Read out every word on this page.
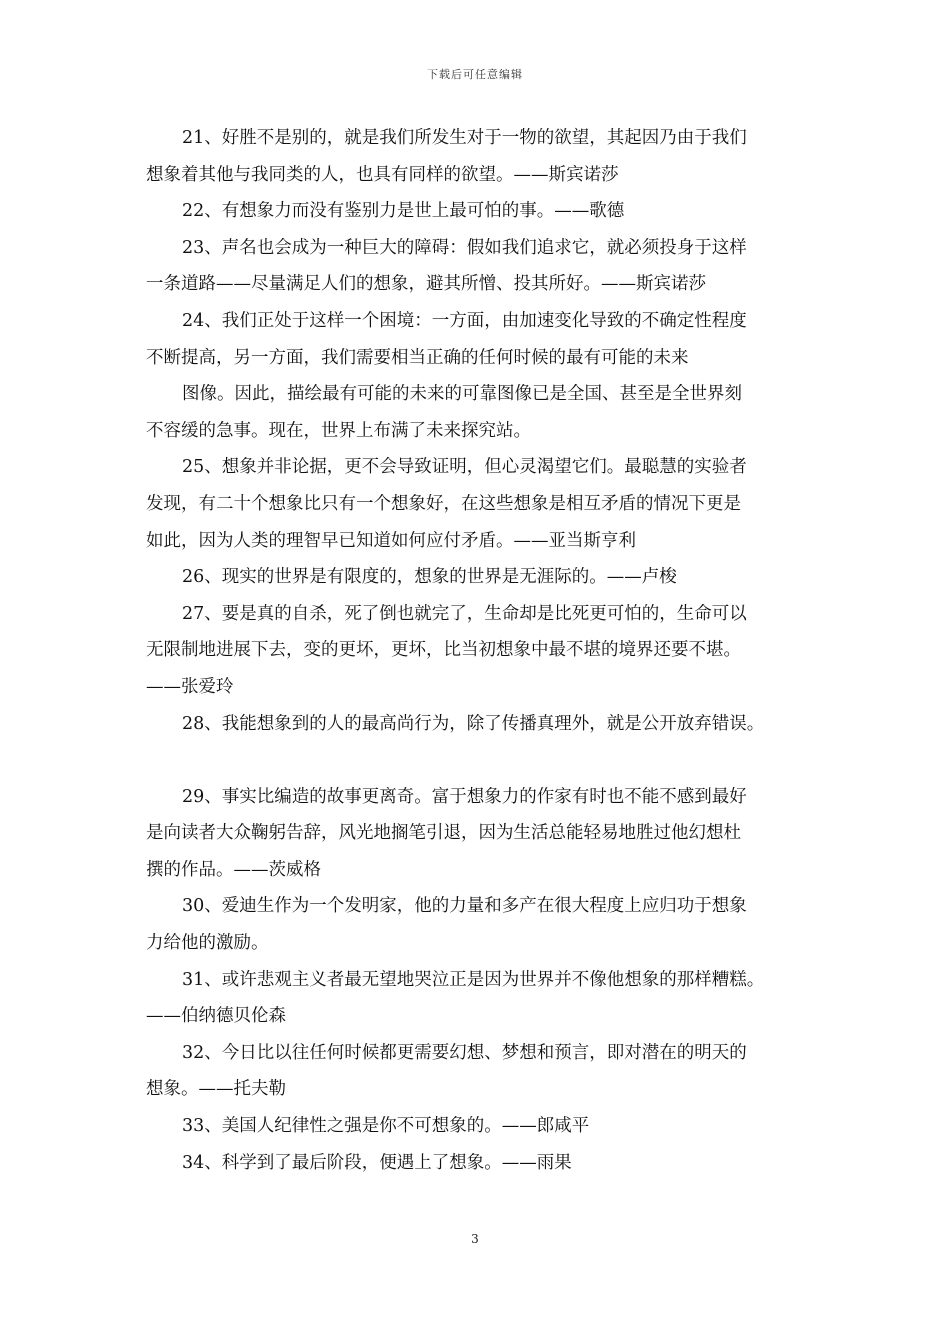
下载后可任意编辑
21、好胜不是别的，就是我们所发生对于一物的欲望，其起因乃由于我们
想象着其他与我同类的人，也具有同样的欲望。——斯宾诺莎
22、有想象力而没有鉴别力是世上最可怕的事。——歌德
23、声名也会成为一种巨大的障碍：假如我们追求它，就必须投身于这样
一条道路——尽量满足人们的想象，避其所憎、投其所好。——斯宾诺莎
24、我们正处于这样一个困境：一方面，由加速变化导致的不确定性程度
不断提高，另一方面，我们需要相当正确的任何时候的最有可能的未来
图像。因此，描绘最有可能的未来的可靠图像已是全国、甚至是全世界刻
不容缓的急事。现在，世界上布满了未来探究站。
25、想象并非论据，更不会导致证明，但心灵渴望它们。最聪慧的实验者
发现，有二十个想象比只有一个想象好，在这些想象是相互矛盾的情况下更是
如此，因为人类的理智早已知道如何应付矛盾。——亚当斯亨利
26、现实的世界是有限度的，想象的世界是无涯际的。——卢梭
27、要是真的自杀，死了倒也就完了，生命却是比死更可怕的，生命可以
无限制地进展下去，变的更坏，更坏，比当初想象中最不堪的境界还要不堪。
——张爱玲
28、我能想象到的人的最高尚行为，除了传播真理外，就是公开放弃错误。
29、事实比编造的故事更离奇。富于想象力的作家有时也不能不感到最好
是向读者大众鞠躬告辞，风光地搁笔引退，因为生活总能轻易地胜过他幻想杜
撰的作品。——茨威格
30、爱迪生作为一个发明家，他的力量和多产在很大程度上应归功于想象
力给他的激励。
31、或许悲观主义者最无望地哭泣正是因为世界并不像他想象的那样糟糕。
——伯纳德贝伦森
32、今日比以往任何时候都更需要幻想、梦想和预言，即对潜在的明天的
想象。——托夫勒
33、美国人纪律性之强是你不可想象的。——郎咸平
34、科学到了最后阶段，便遇上了想象。——雨果
3
